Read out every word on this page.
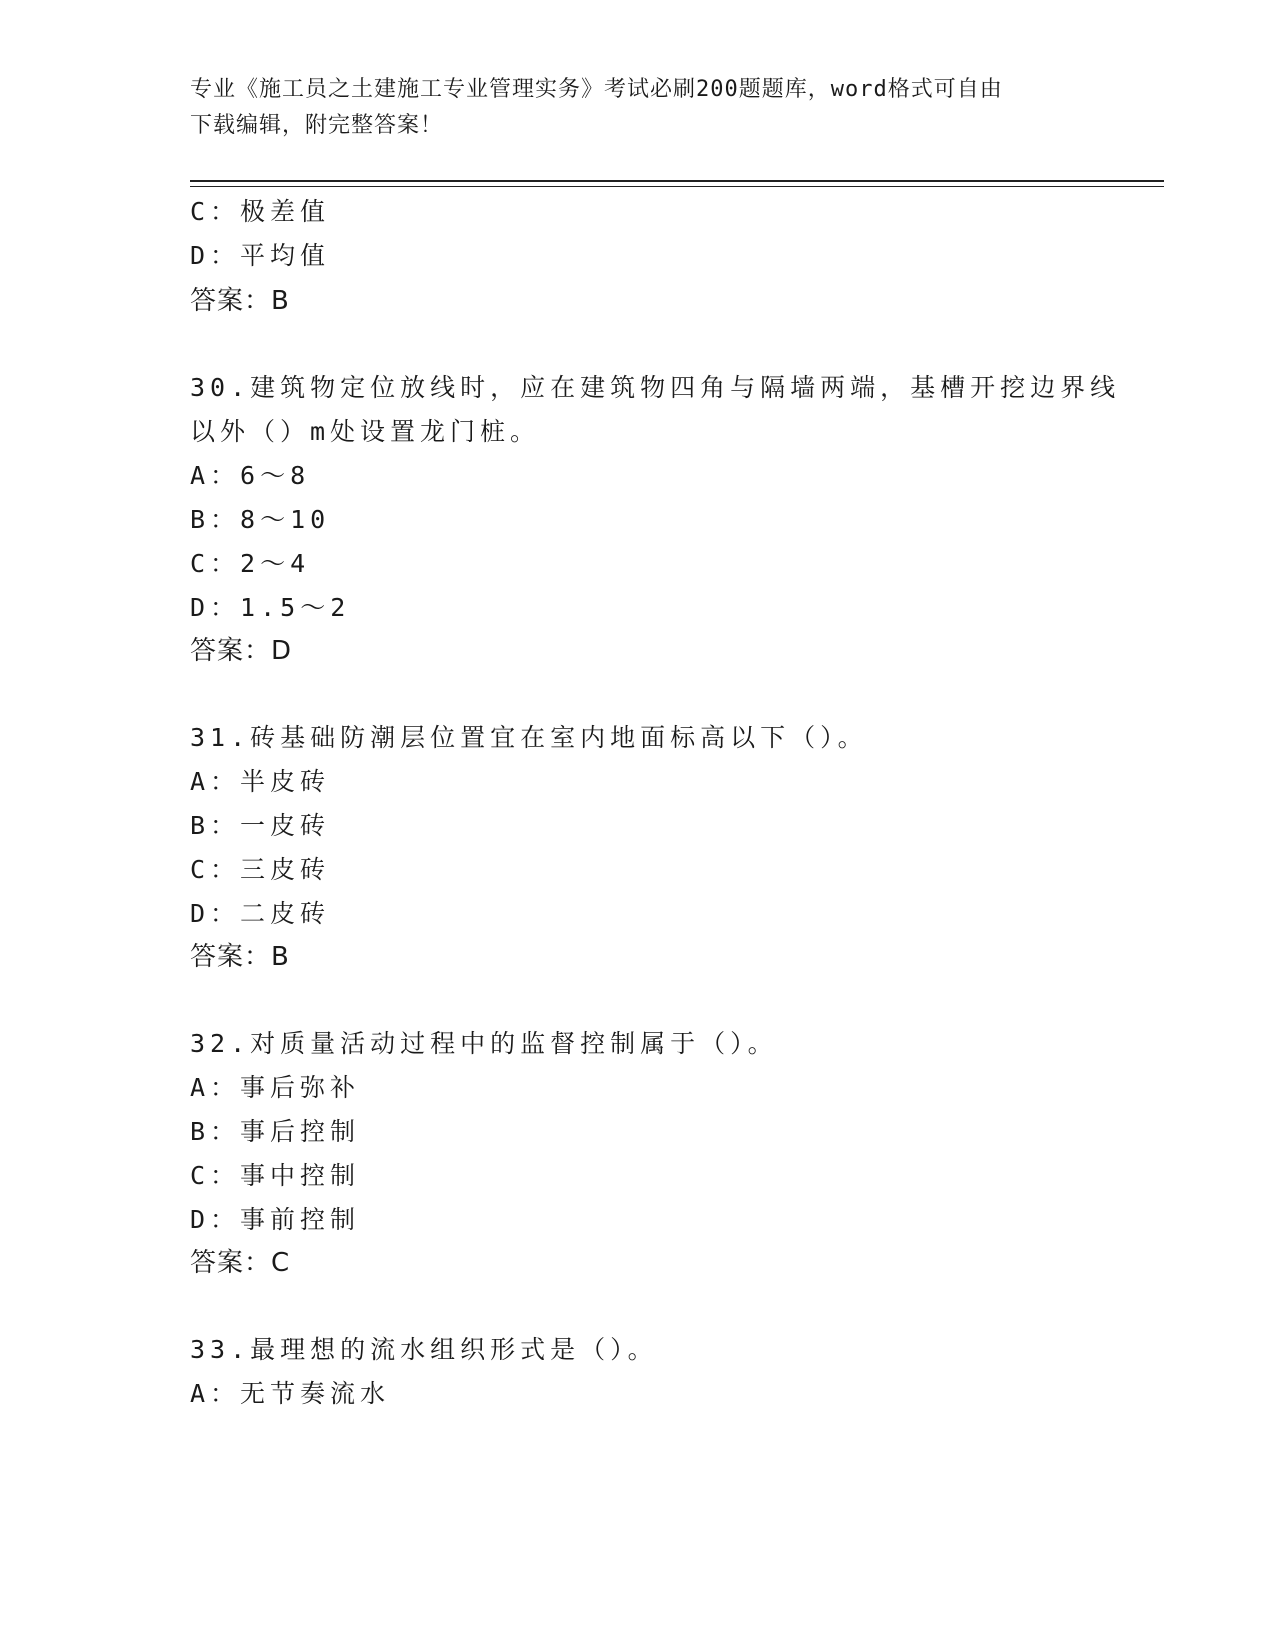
专业《施工员之土建施工专业管理实务》考试必刷200题题库，word格式可自由
下载编辑，附完整答案！
C：极差值
D：平均值
答案：B
30.建筑物定位放线时，应在建筑物四角与隔墙两端，基槽开挖边界线
以外（）m处设置龙门桩。
A：6～8
B：8～10
C：2～4
D：1.5～2
答案：D
31.砖基础防潮层位置宜在室内地面标高以下（）。
A：半皮砖
B：一皮砖
C：三皮砖
D：二皮砖
答案：B
32.对质量活动过程中的监督控制属于（）。
A：事后弥补
B：事后控制
C：事中控制
D：事前控制
答案：C
33.最理想的流水组织形式是（）。
A：无节奏流水
